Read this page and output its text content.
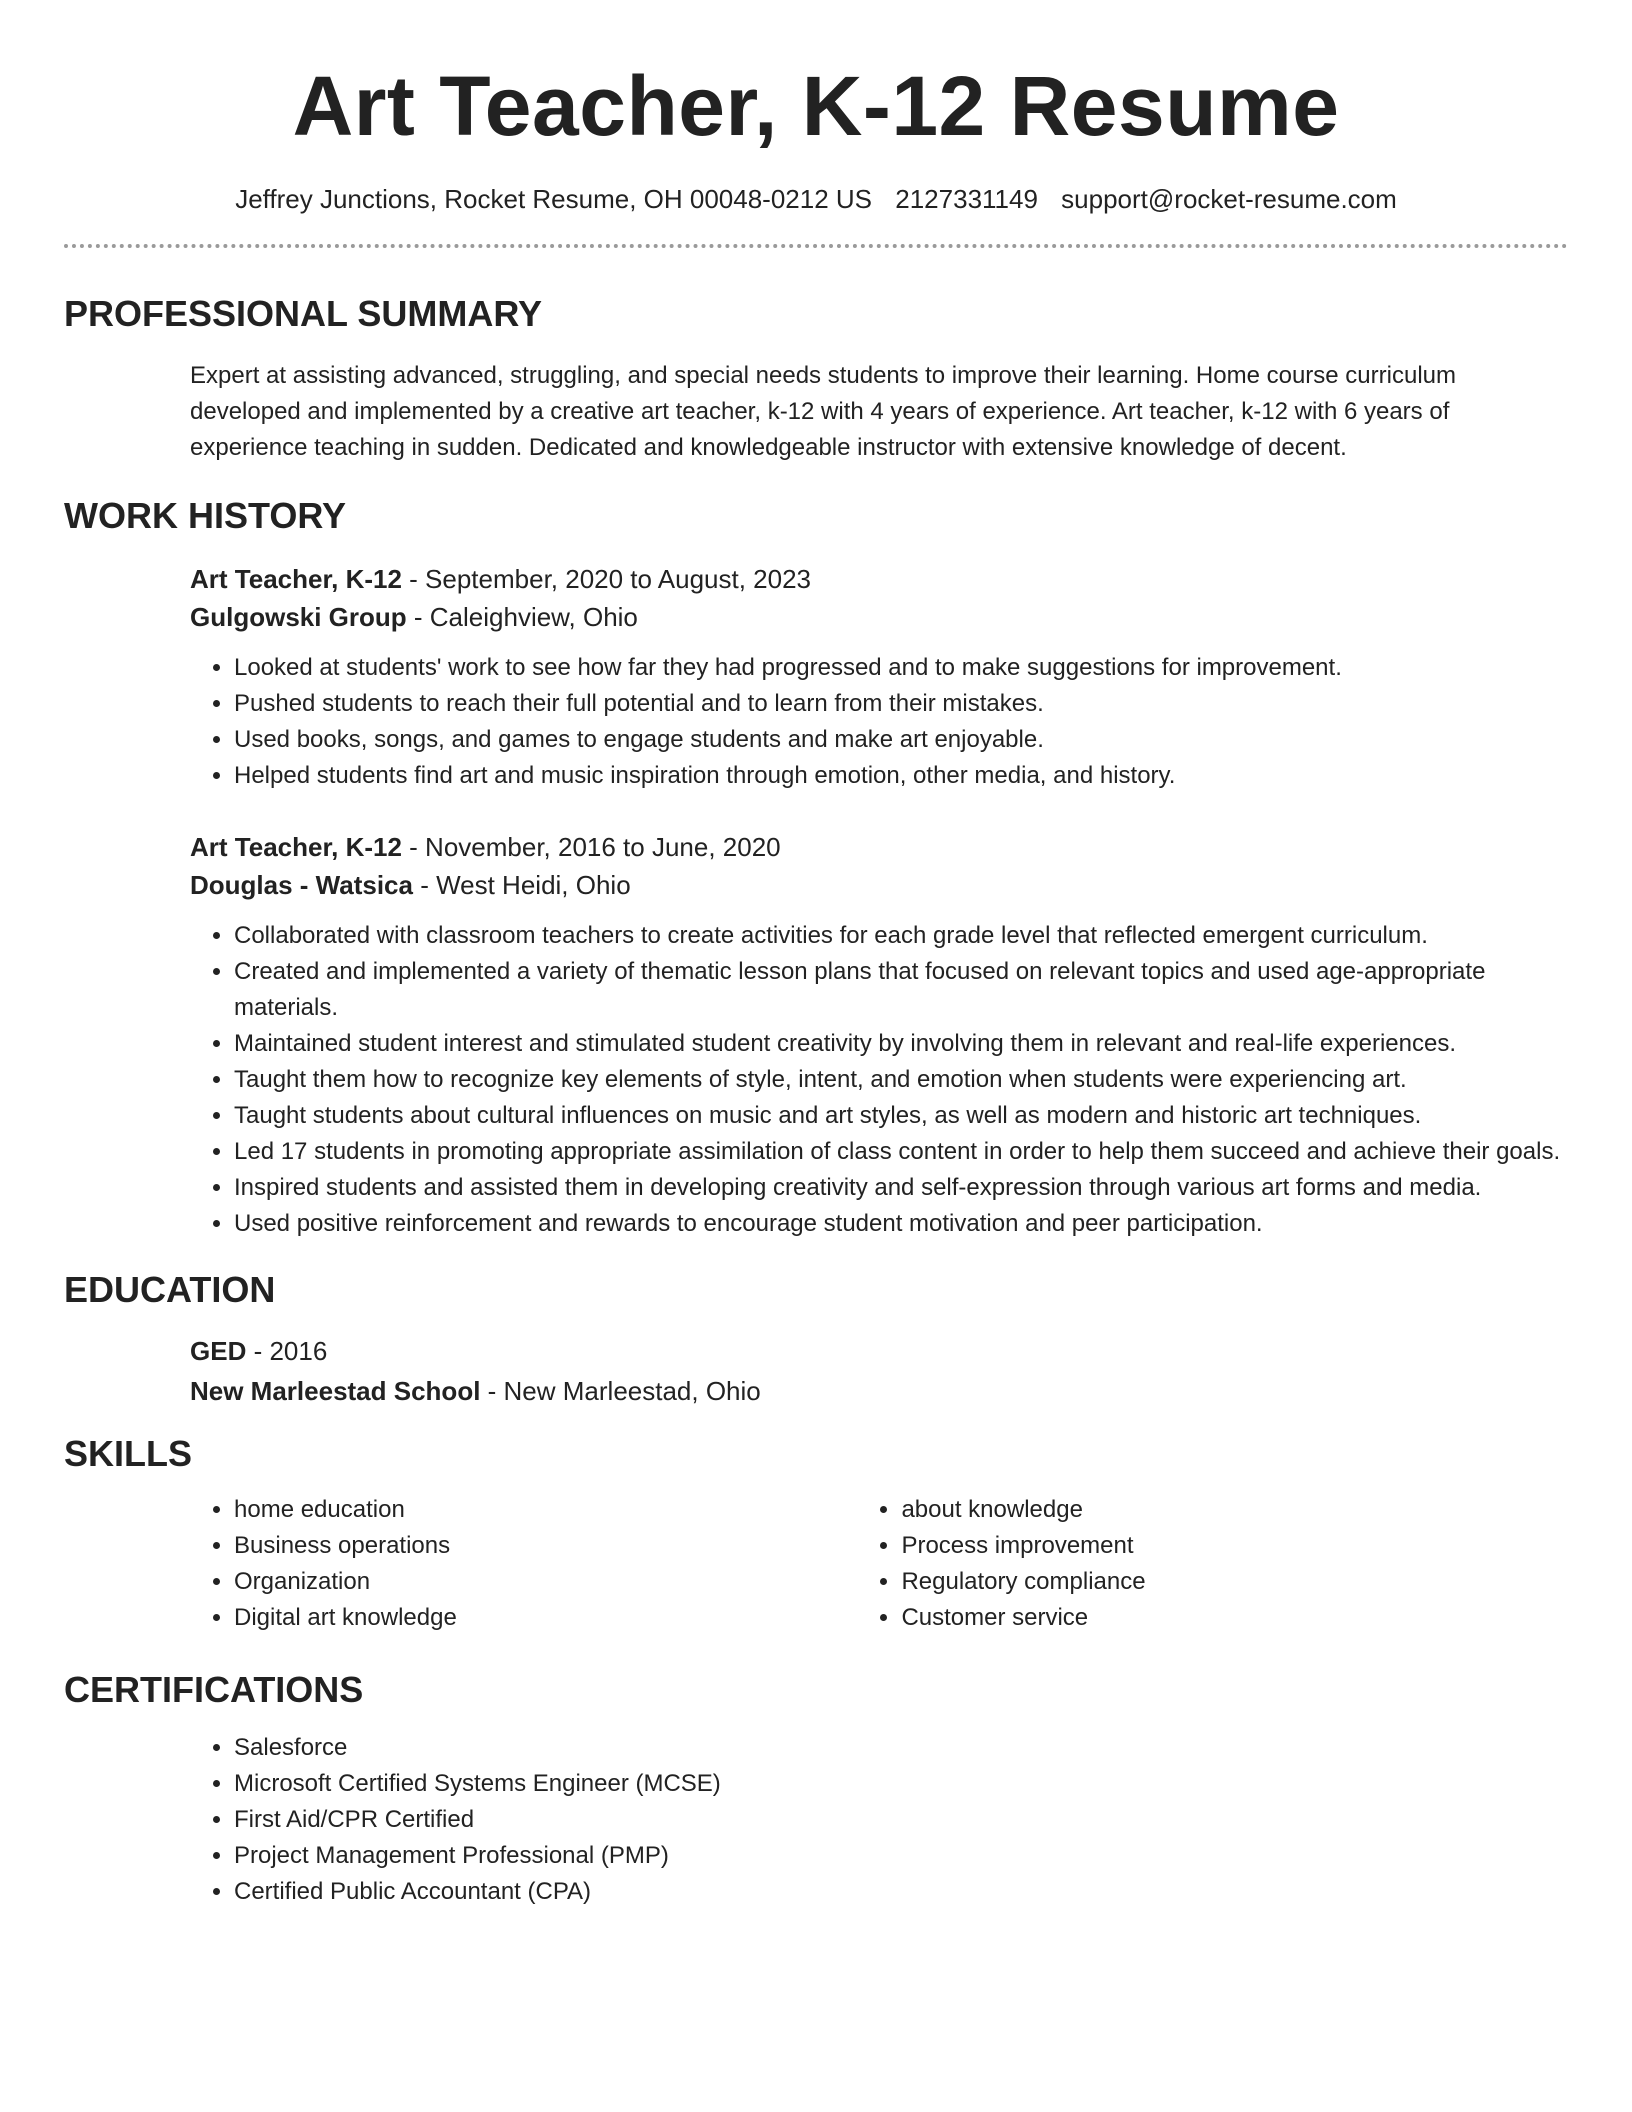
Art Teacher, K-12 Resume
Jeffrey Junctions, Rocket Resume, OH 00048-0212 US 2127331149 support@rocket-resume.com
PROFESSIONAL SUMMARY

Expert at assisting advanced, struggling, and special needs students to improve their learning. Home course curriculum developed and implemented by a creative art teacher, k-12 with 4 years of experience. Art teacher, k-12 with 6 years of experience teaching in sudden. Dedicated and knowledgeable instructor with extensive knowledge of decent.

WORK HISTORY
Art Teacher, K-12 - September, 2020 to August, 2023
Gulgowski Group - Caleighview, Ohio
• Looked at students' work to see how far they had progressed and to make suggestions for improvement.
• Pushed students to reach their full potential and to learn from their mistakes.
• Used books, songs, and games to engage students and make art enjoyable.
• Helped students find art and music inspiration through emotion, other media, and history.
Art Teacher, K-12 - November, 2016 to June, 2020
Douglas - Watsica - West Heidi, Ohio
• Collaborated with classroom teachers to create activities for each grade level that reflected emergent curriculum.
• Created and implemented a variety of thematic lesson plans that focused on relevant topics and used age-appropriate materials.
• Maintained student interest and stimulated student creativity by involving them in relevant and real-life experiences.
• Taught them how to recognize key elements of style, intent, and emotion when students were experiencing art.
• Taught students about cultural influences on music and art styles, as well as modern and historic art techniques.
• Led 17 students in promoting appropriate assimilation of class content in order to help them succeed and achieve their goals.
• Inspired students and assisted them in developing creativity and self-expression through various art forms and media.
• Used positive reinforcement and rewards to encourage student motivation and peer participation.
EDUCATION
GED - 2016
New Marleestad School - New Marleestad, Ohio
SKILLS
• home education
• Business operations
• Organization
• Digital art knowledge
• about knowledge
• Process improvement
• Regulatory compliance
• Customer service
CERTIFICATIONS
• Salesforce
• Microsoft Certified Systems Engineer (MCSE)
• First Aid/CPR Certified
• Project Management Professional (PMP)
• Certified Public Accountant (CPA)
